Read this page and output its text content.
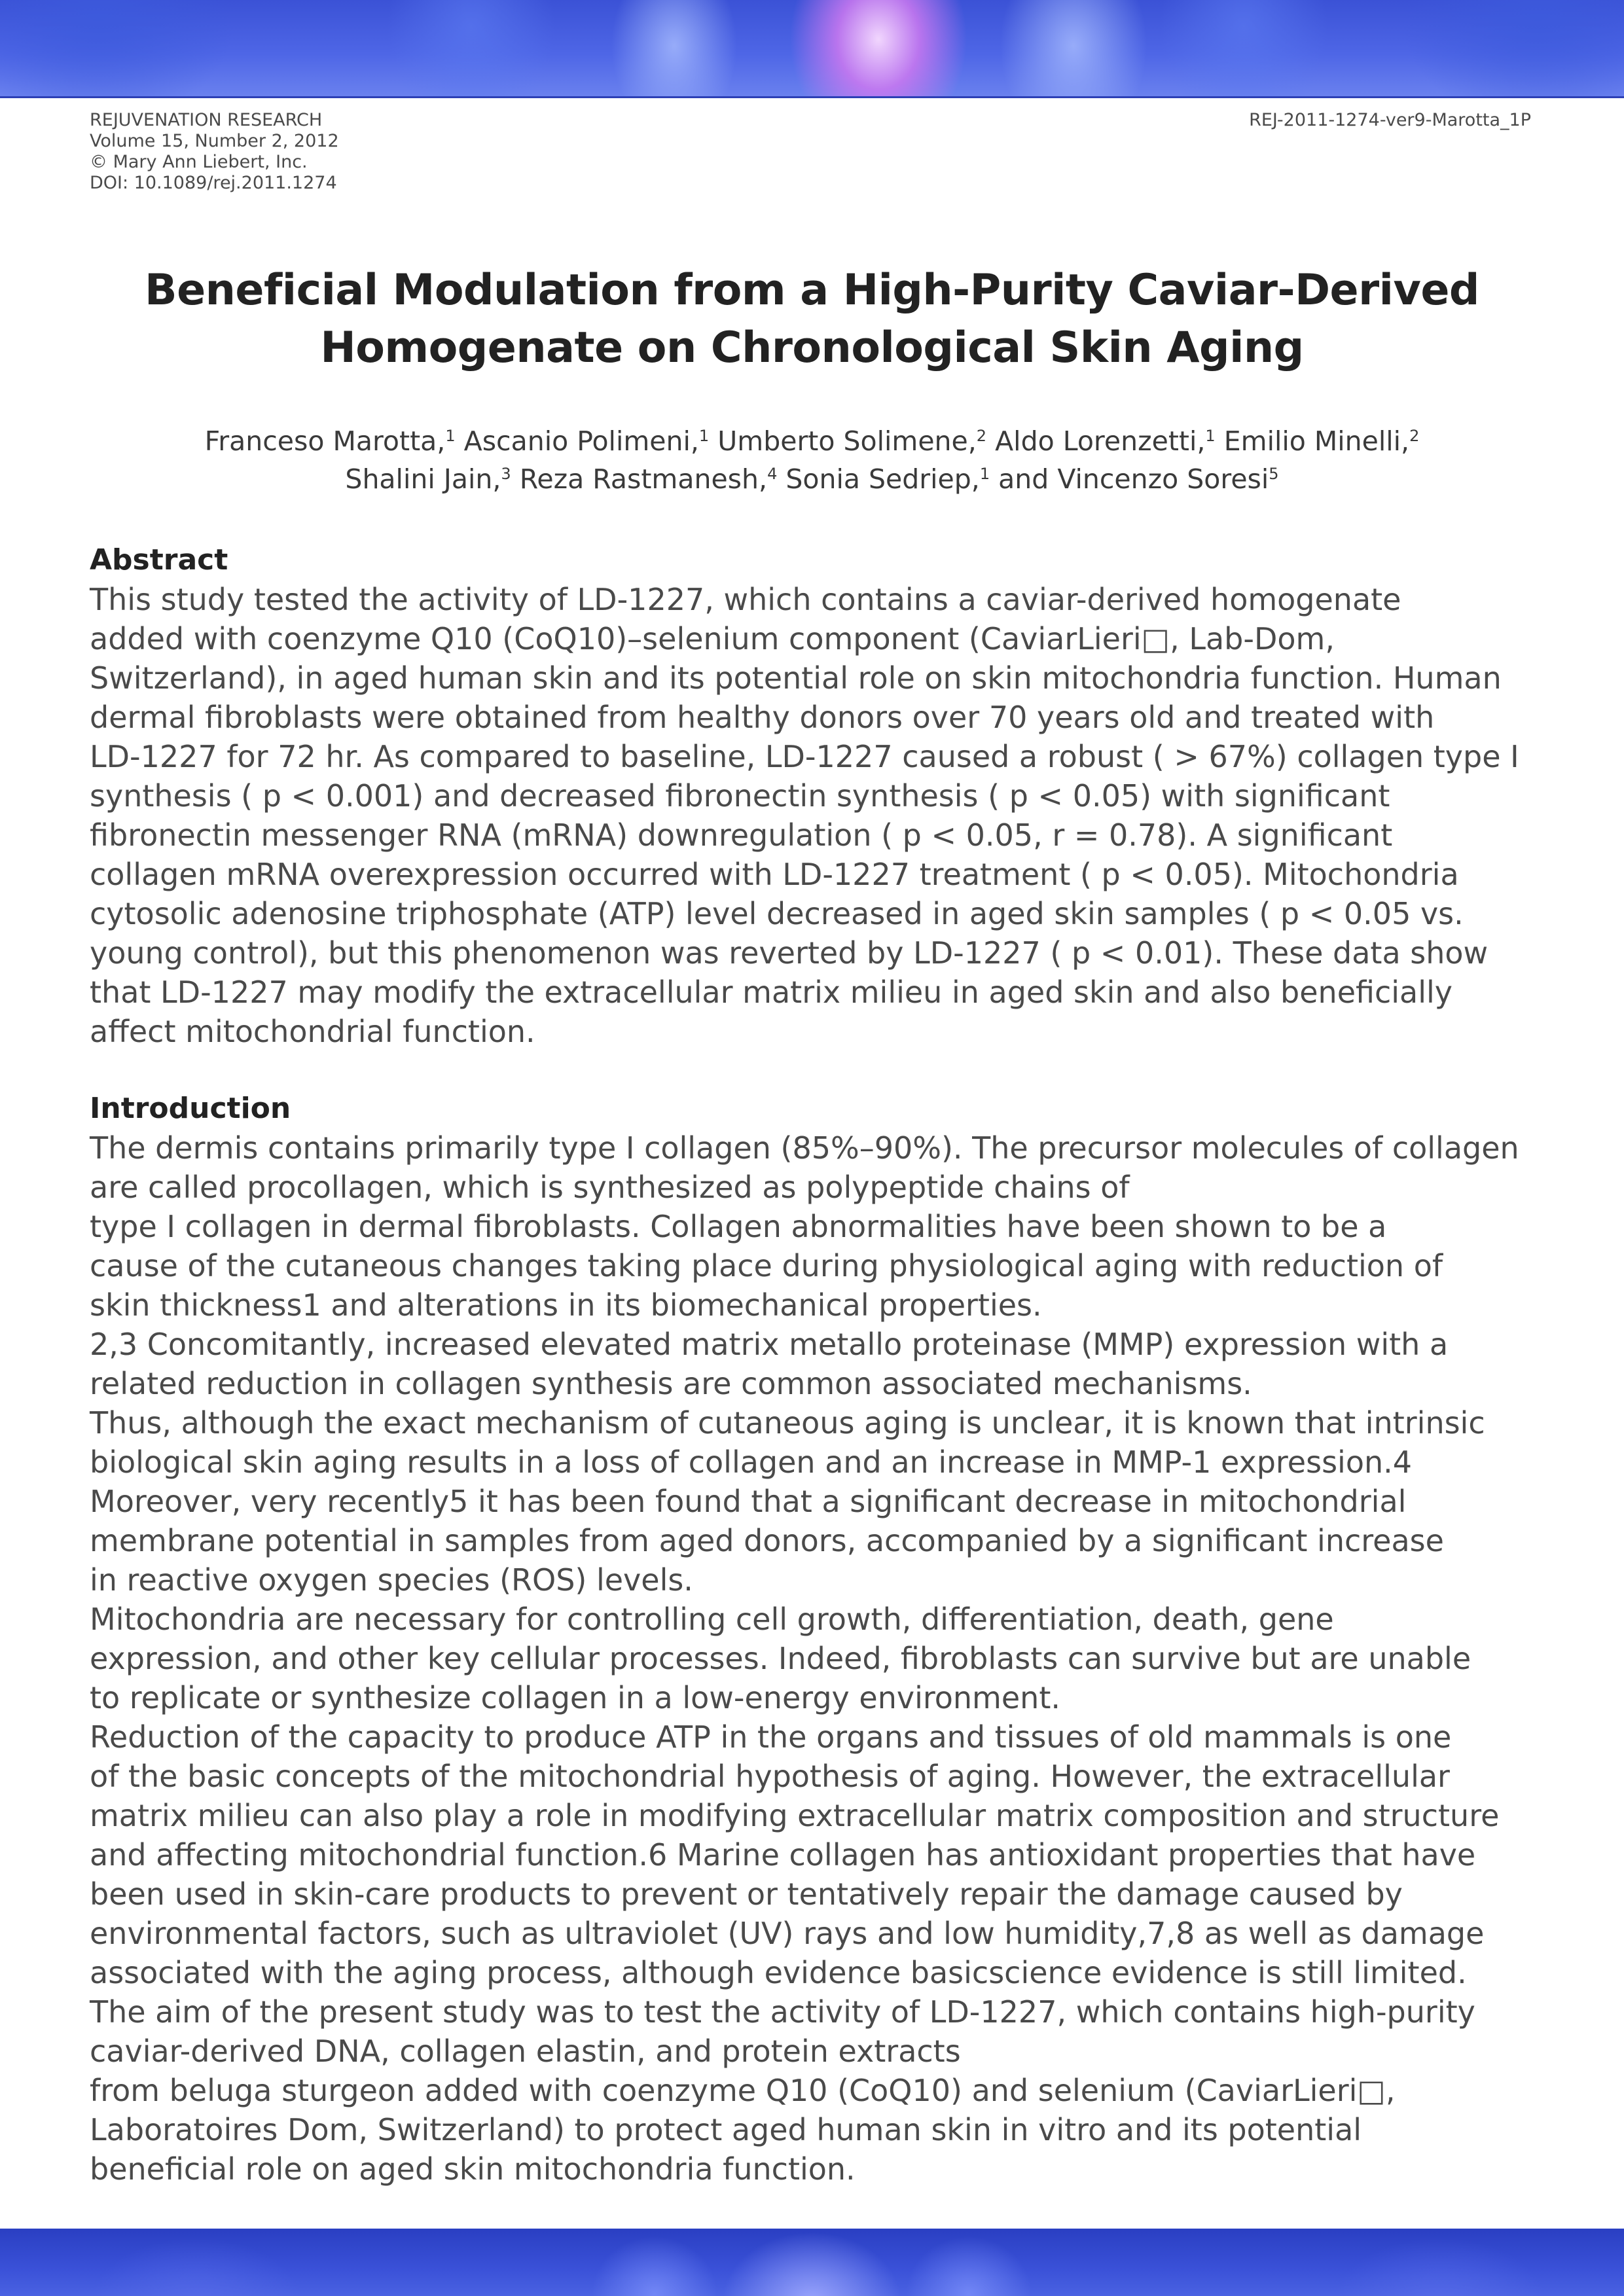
REJUVENATION RESEARCH
Volume 15, Number 2, 2012
© Mary Ann Liebert, Inc.
DOI: 10.1089/rej.2011.1274
REJ-2011-1274-ver9-Marotta_1P
Beneficial Modulation from a High-Purity Caviar-Derived
Homogenate on Chronological Skin Aging
Franceso Marotta,$^1$ Ascanio Polimeni,$^1$ Umberto Solimene,$^2$ Aldo Lorenzetti,$^1$ Emilio Minelli,$^2$
Shalini Jain,$^3$ Reza Rastmanesh,$^4$ Sonia Sedriep,$^1$ and Vincenzo Soresi$^5$
Abstract
This study tested the activity of LD-1227, which contains a caviar-derived homogenate
added with coenzyme Q10 (CoQ10)–selenium component (CaviarLieri□, Lab-Dom,
Switzerland), in aged human skin and its potential role on skin mitochondria function. Human
dermal fibroblasts were obtained from healthy donors over 70 years old and treated with
LD-1227 for 72 hr. As compared to baseline, LD-1227 caused a robust ( > 67%) collagen type I
synthesis ( p < 0.001) and decreased fibronectin synthesis ( p < 0.05) with significant
fibronectin messenger RNA (mRNA) downregulation ( p < 0.05, r = 0.78). A significant
collagen mRNA overexpression occurred with LD-1227 treatment ( p < 0.05). Mitochondria
cytosolic adenosine triphosphate (ATP) level decreased in aged skin samples ( p < 0.05 vs.
young control), but this phenomenon was reverted by LD-1227 ( p < 0.01). These data show
that LD-1227 may modify the extracellular matrix milieu in aged skin and also beneficially
affect mitochondrial function.
Introduction
The dermis contains primarily type I collagen (85%–90%). The precursor molecules of collagen
are called procollagen, which is synthesized as polypeptide chains of
type I collagen in dermal fibroblasts. Collagen abnormalities have been shown to be a
cause of the cutaneous changes taking place during physiological aging with reduction of
skin thickness1 and alterations in its biomechanical properties.
2,3 Concomitantly, increased elevated matrix metallo proteinase (MMP) expression with a
related reduction in collagen synthesis are common associated mechanisms.
Thus, although the exact mechanism of cutaneous aging is unclear, it is known that intrinsic
biological skin aging results in a loss of collagen and an increase in MMP-1 expression.4
Moreover, very recently5 it has been found that a significant decrease in mitochondrial
membrane potential in samples from aged donors, accompanied by a significant increase
in reactive oxygen species (ROS) levels.
Mitochondria are necessary for controlling cell growth, differentiation, death, gene
expression, and other key cellular processes. Indeed, fibroblasts can survive but are unable
to replicate or synthesize collagen in a low-energy environment.
Reduction of the capacity to produce ATP in the organs and tissues of old mammals is one
of the basic concepts of the mitochondrial hypothesis of aging. However, the extracellular
matrix milieu can also play a role in modifying extracellular matrix composition and structure
and affecting mitochondrial function.6 Marine collagen has antioxidant properties that have
been used in skin-care products to prevent or tentatively repair the damage caused by
environmental factors, such as ultraviolet (UV) rays and low humidity,7,8 as well as damage
associated with the aging process, although evidence basicscience evidence is still limited.
The aim of the present study was to test the activity of LD-1227, which contains high-purity
caviar-derived DNA, collagen elastin, and protein extracts
from beluga sturgeon added with coenzyme Q10 (CoQ10) and selenium (CaviarLieri□,
Laboratoires Dom, Switzerland) to protect aged human skin in vitro and its potential
beneficial role on aged skin mitochondria function.
